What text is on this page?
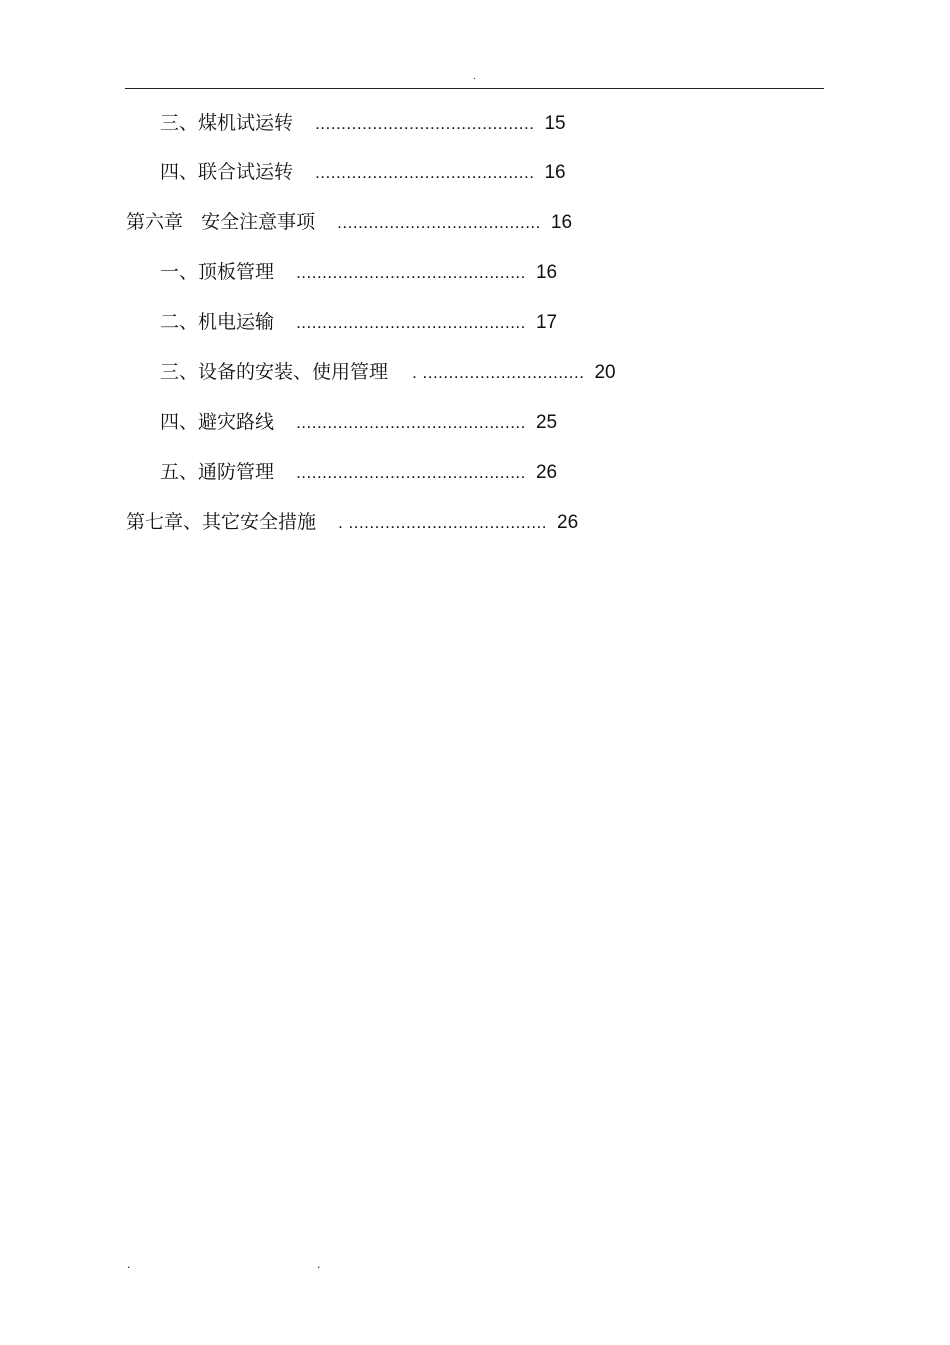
.
三、煤机试运转 .......................................... 15
四、联合试运转 .......................................... 16
第六章   安全注意事项 ....................................... 16
一、顶板管理 ............................................ 16
二、机电运输 ............................................ 17
三、设备的安装、使用管理 . ............................... 20
四、避灾路线 ............................................ 25
五、通防管理 ............................................ 26
第七章、其它安全措施 . ...................................... 26
.	.
